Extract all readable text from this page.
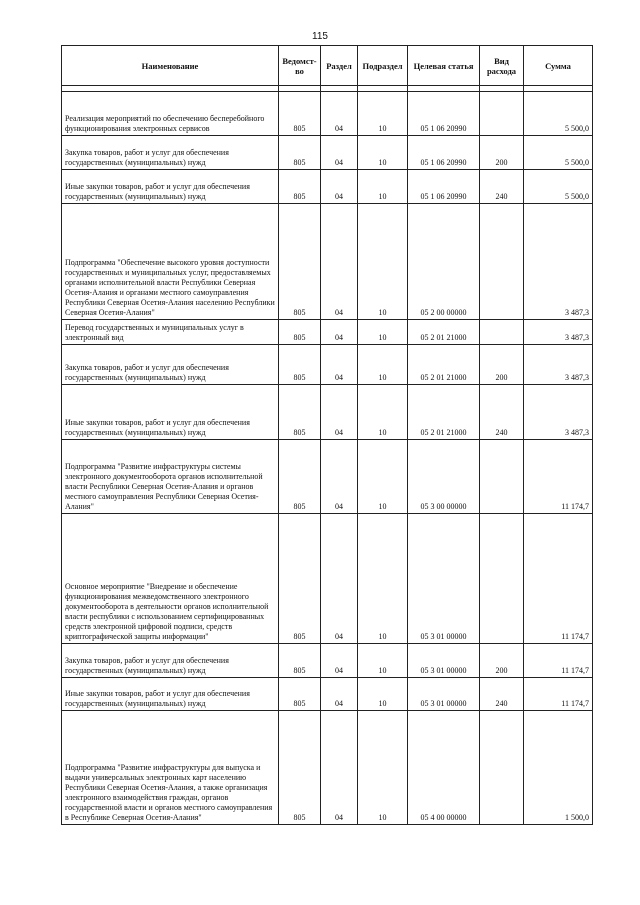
115
Наименование	Ведомст-во	Раздел	Подраздел	Целевая статья	Вид расхода	Сумма

Реализация мероприятий по обеспечению бесперебойного функционирования электронных сервисов	805	04	10	05 1 06 20990		5 500,0
Закупка товаров, работ и услуг для обеспечения государственных (муниципальных) нужд	805	04	10	05 1 06 20990	200	5 500,0
Иные закупки товаров, работ и услуг для обеспечения государственных (муниципальных) нужд	805	04	10	05 1 06 20990	240	5 500,0
Подпрограмма "Обеспечение высокого уровня доступности государственных и муниципальных услуг, предоставляемых органами исполнительной власти Республики Северная Осетия-Алания и органами местного самоуправления Республики Северная Осетия-Алания населению Республики Северная Осетия-Алания"	805	04	10	05 2 00 00000		3 487,3
Перевод государственных и муниципальных услуг в электронный вид	805	04	10	05 2 01 21000		3 487,3
Закупка товаров, работ и услуг для обеспечения государственных (муниципальных) нужд	805	04	10	05 2 01 21000	200	3 487,3
Иные закупки товаров, работ и услуг для обеспечения государственных (муниципальных) нужд	805	04	10	05 2 01 21000	240	3 487,3
Подпрограмма "Развитие инфраструктуры системы электронного документооборота органов исполнительной власти Республики Северная Осетия-Алания и органов местного самоуправления Республики Северная Осетия-Алания"	805	04	10	05 3 00 00000		11 174,7
Основное мероприятие "Внедрение и обеспечение функционирования межведомственного электронного документооборота в деятельности органов исполнительной власти республики с использованием сертифицированных средств электронной цифровой подписи, средств криптографической защиты информации"	805	04	10	05 3 01 00000		11 174,7
Закупка товаров, работ и услуг для обеспечения государственных (муниципальных) нужд	805	04	10	05 3 01 00000	200	11 174,7
Иные закупки товаров, работ и услуг для обеспечения государственных (муниципальных) нужд	805	04	10	05 3 01 00000	240	11 174,7
Подпрограмма "Развитие инфраструктуры для выпуска и выдачи универсальных электронных карт населению Республики Северная Осетия-Алания, а также организация электронного взаимодействия граждан, органов государственной власти и органов местного самоуправления в Республике Северная Осетия-Алания"	805	04	10	05 4 00 00000		1 500,0
